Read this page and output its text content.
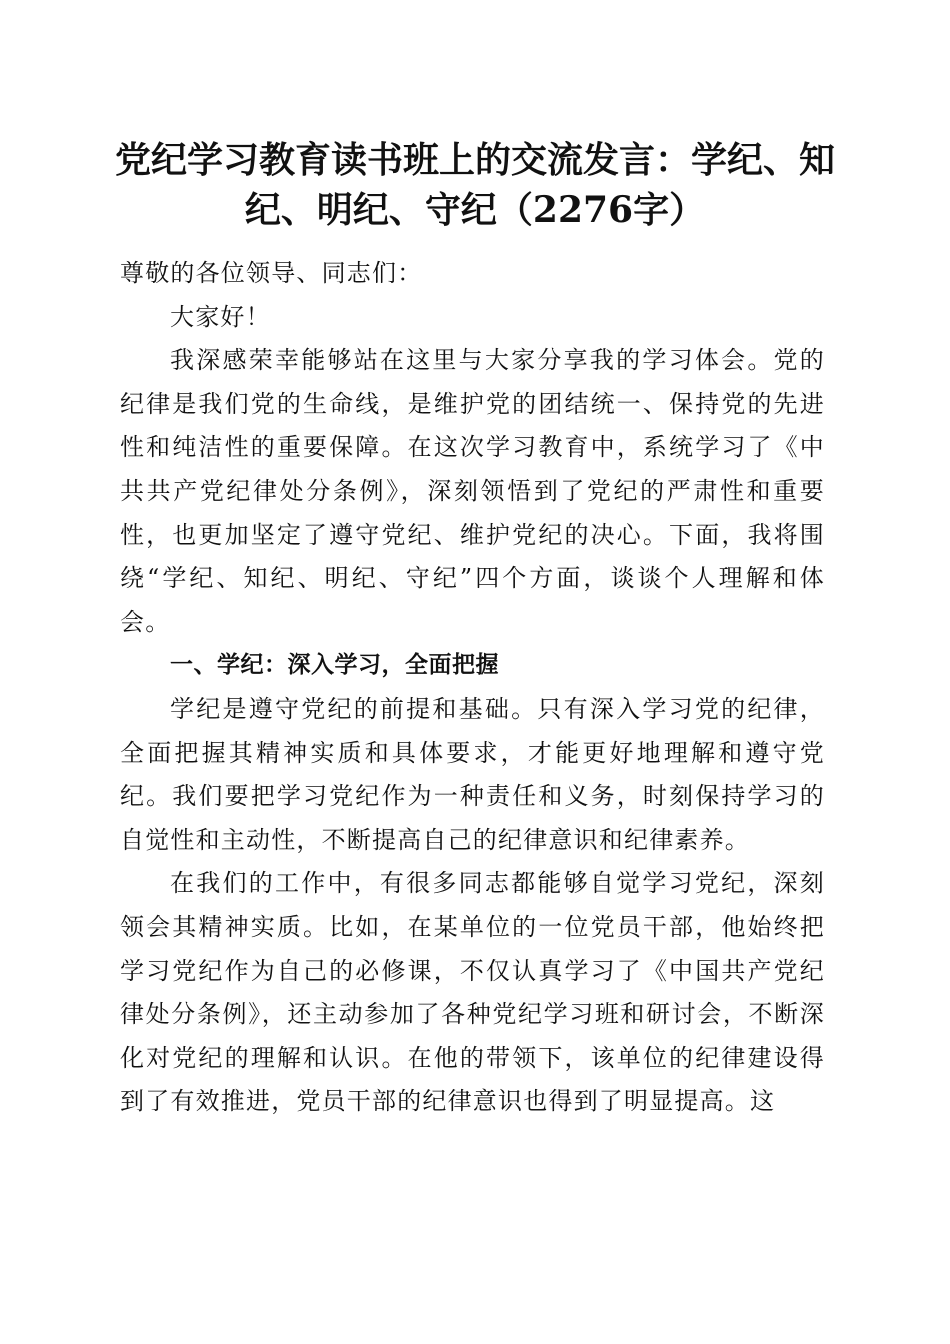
党纪学习教育读书班上的交流发言：学纪、知纪、明纪、守纪（2276字）

尊敬的各位领导、同志们：

大家好！

我深感荣幸能够站在这里与大家分享我的学习体会。党的纪律是我们党的生命线，是维护党的团结统一、保持党的先进性和纯洁性的重要保障。在这次学习教育中，系统学习了《中共共产党纪律处分条例》，深刻领悟到了党纪的严肃性和重要性，也更加坚定了遵守党纪、维护党纪的决心。下面，我将围绕“学纪、知纪、明纪、守纪”四个方面，谈谈个人理解和体会。

一、学纪：深入学习，全面把握

学纪是遵守党纪的前提和基础。只有深入学习党的纪律，全面把握其精神实质和具体要求，才能更好地理解和遵守党纪。我们要把学习党纪作为一种责任和义务，时刻保持学习的自觉性和主动性，不断提高自己的纪律意识和纪律素养。

在我们的工作中，有很多同志都能够自觉学习党纪，深刻领会其精神实质。比如，在某单位的一位党员干部，他始终把学习党纪作为自己的必修课，不仅认真学习了《中国共产党纪律处分条例》，还主动参加了各种党纪学习班和研讨会，不断深化对党纪的理解和认识。在他的带领下，该单位的纪律建设得到了有效推进，党员干部的纪律意识也得到了明显提高。这
